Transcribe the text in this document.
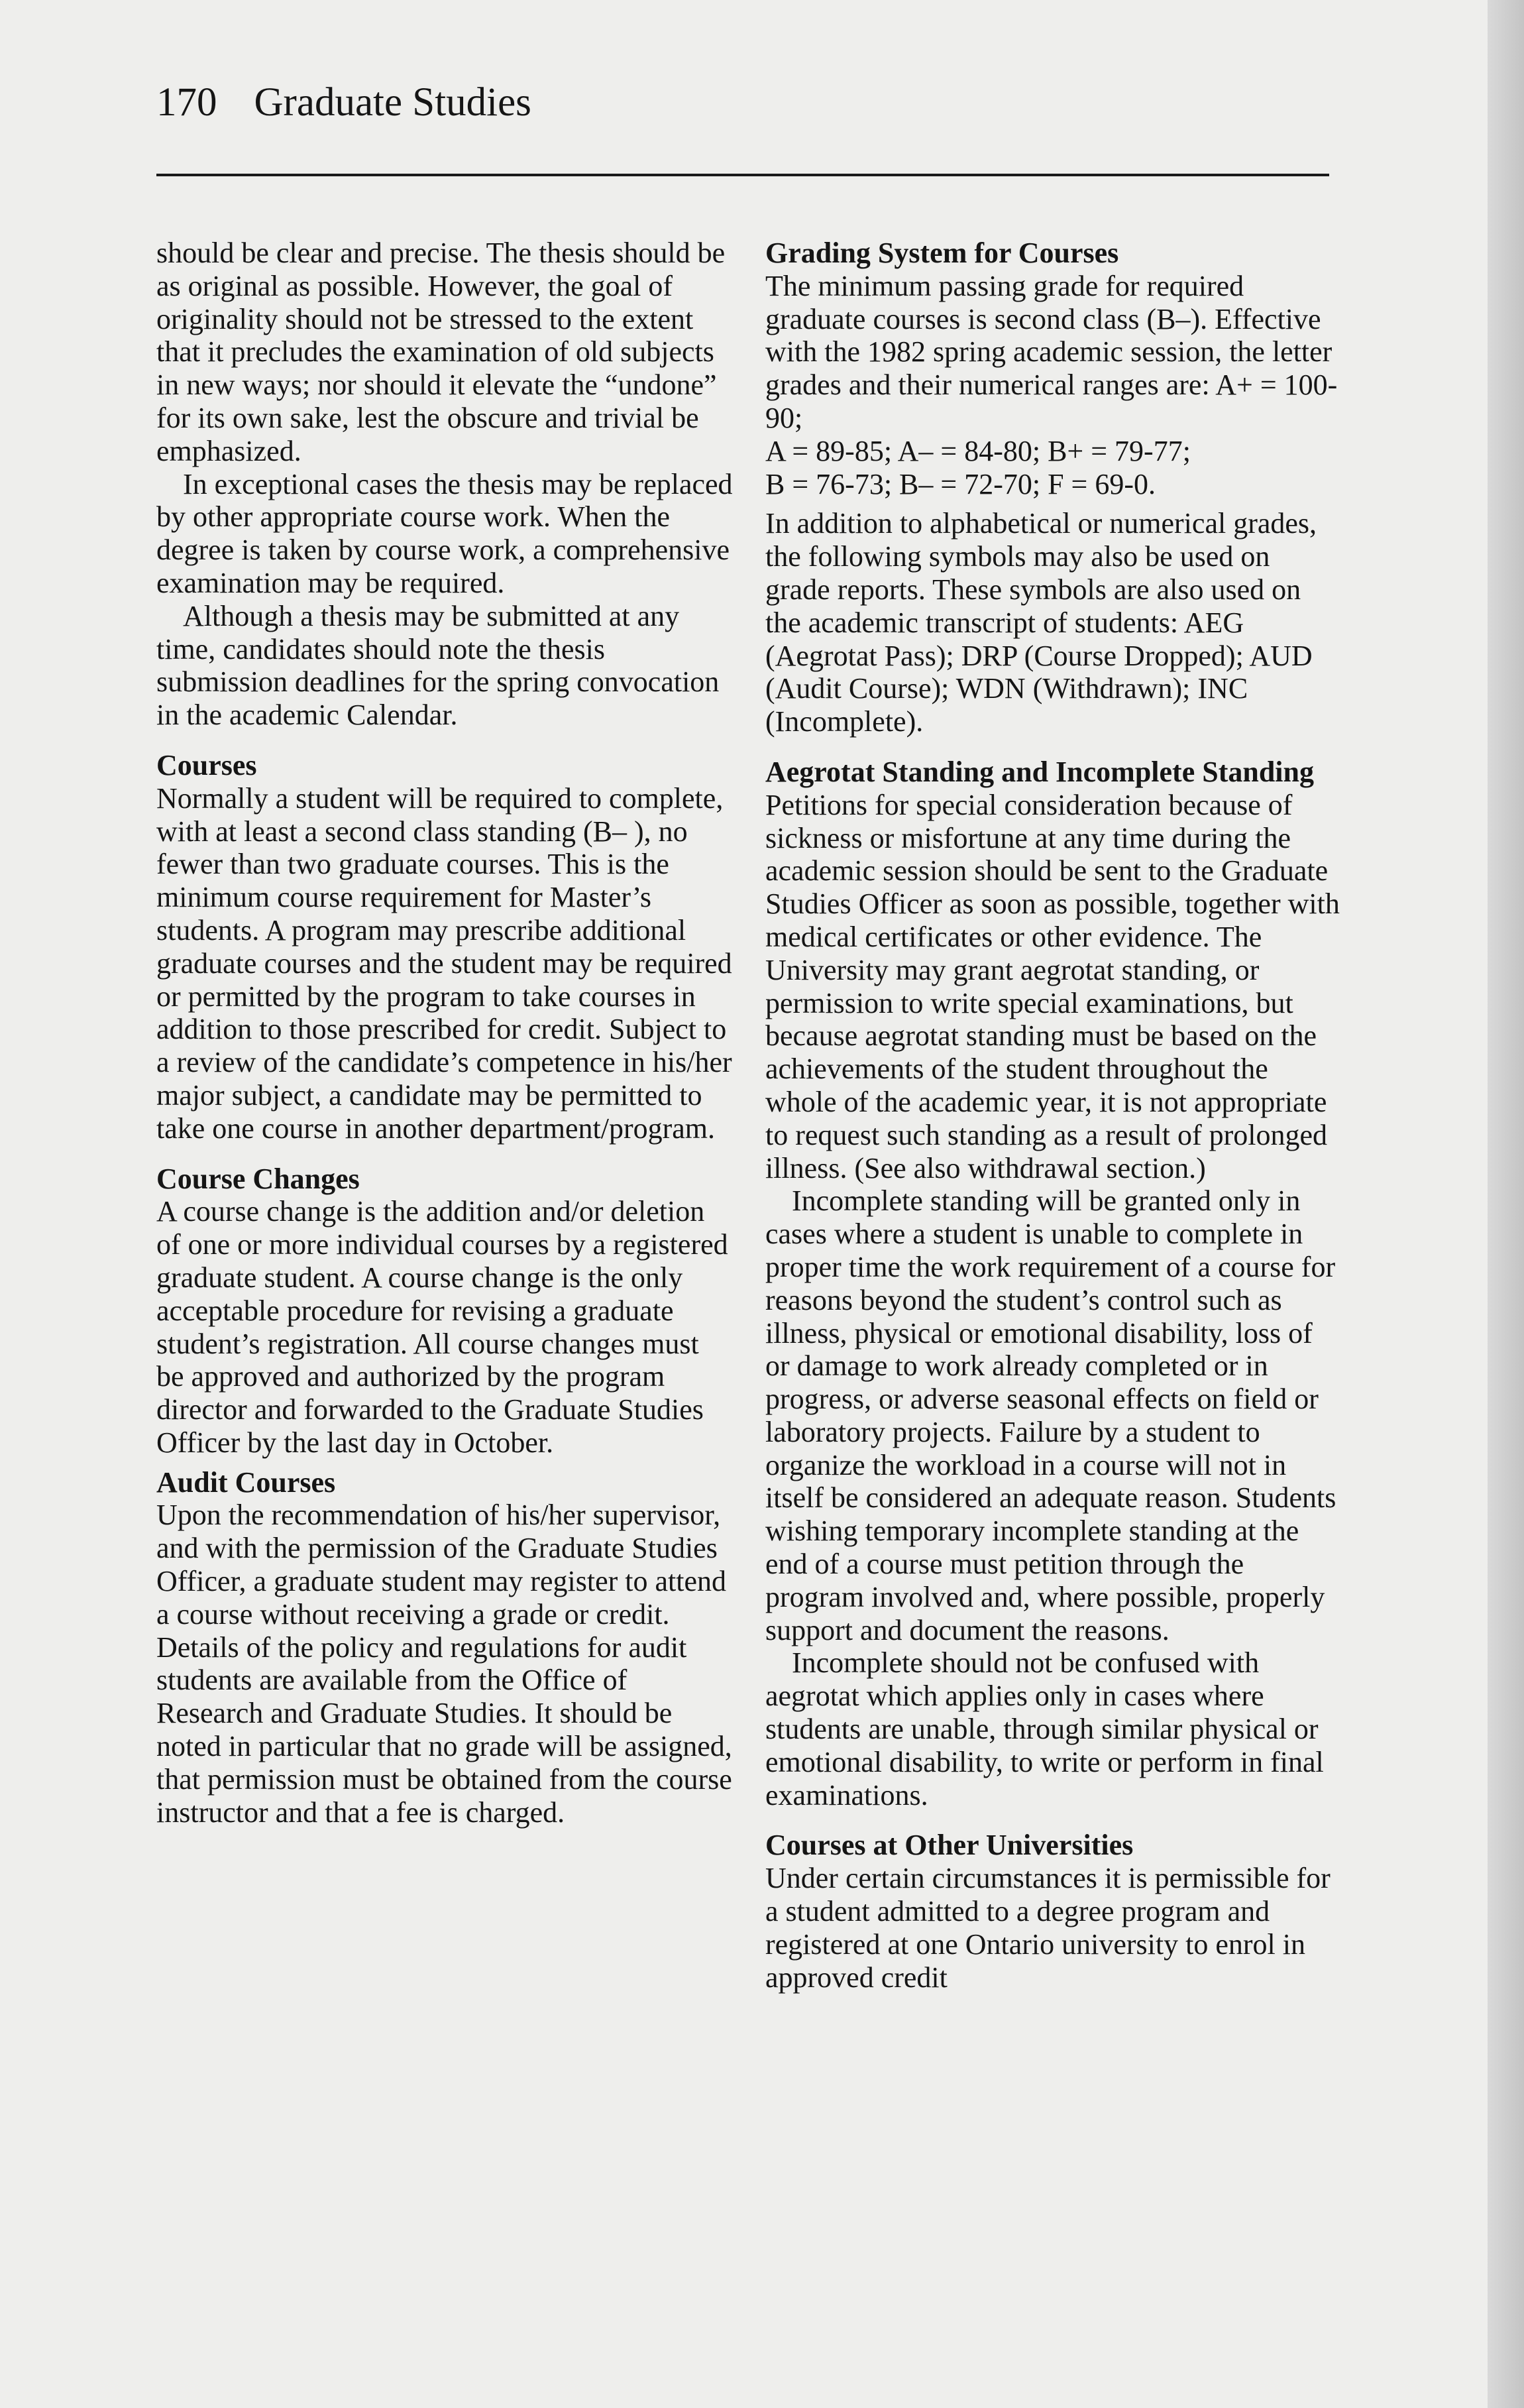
170 Graduate Studies

should be clear and precise. The thesis should be as original as possible. However, the goal of originality should not be stressed to the extent that it precludes the examination of old subjects in new ways; nor should it elevate the “undone” for its own sake, lest the obscure and trivial be emphasized.

In exceptional cases the thesis may be replaced by other appropriate course work. When the degree is taken by course work, a comprehensive examination may be required.

Although a thesis may be submitted at any time, candidates should note the thesis submission deadlines for the spring convocation in the academic Calendar.

Courses

Normally a student will be required to complete, with at least a second class standing (B– ), no fewer than two graduate courses. This is the minimum course requirement for Master’s students. A program may prescribe additional graduate courses and the student may be required or permitted by the program to take courses in addition to those prescribed for credit. Subject to a review of the candidate’s competence in his/her major subject, a candidate may be permitted to take one course in another department/program.

Course Changes

A course change is the addition and/or deletion of one or more individual courses by a registered graduate student. A course change is the only acceptable procedure for revising a graduate student’s registration. All course changes must be approved and authorized by the program director and forwarded to the Graduate Studies Officer by the last day in October.

Audit Courses

Upon the recommendation of his/her supervisor, and with the permission of the Graduate Studies Officer, a graduate student may register to attend a course without receiving a grade or credit. Details of the policy and regulations for audit students are available from the Office of Research and Graduate Studies. It should be noted in particular that no grade will be assigned, that permission must be obtained from the course instructor and that a fee is charged.

Grading System for Courses

The minimum passing grade for required graduate courses is second class (B–). Effective with the 1982 spring academic session, the letter grades and their numerical ranges are: A+ = 100-90;
A = 89-85; A– = 84-80; B+ = 79-77;
B = 76-73; B– = 72-70; F = 69-0.

In addition to alphabetical or numerical grades, the following symbols may also be used on grade reports. These symbols are also used on the academic transcript of students: AEG (Aegrotat Pass); DRP (Course Dropped); AUD (Audit Course); WDN (Withdrawn); INC (Incomplete).

Aegrotat Standing and Incomplete Standing

Petitions for special consideration because of sickness or misfortune at any time during the academic session should be sent to the Graduate Studies Officer as soon as possible, together with medical certificates or other evidence. The University may grant aegrotat standing, or permission to write special examinations, but because aegrotat standing must be based on the achievements of the student throughout the whole of the academic year, it is not appropriate to request such standing as a result of prolonged illness. (See also withdrawal section.)

Incomplete standing will be granted only in cases where a student is unable to complete in proper time the work requirement of a course for reasons beyond the student’s control such as illness, physical or emotional disability, loss of or damage to work already completed or in progress, or adverse seasonal effects on field or laboratory projects. Failure by a student to organize the workload in a course will not in itself be considered an adequate reason. Students wishing temporary incomplete standing at the end of a course must petition through the program involved and, where possible, properly support and document the reasons.

Incomplete should not be confused with aegrotat which applies only in cases where students are unable, through similar physical or emotional disability, to write or perform in final examinations.

Courses at Other Universities

Under certain circumstances it is permissible for a student admitted to a degree program and registered at one Ontario university to enrol in approved credit
